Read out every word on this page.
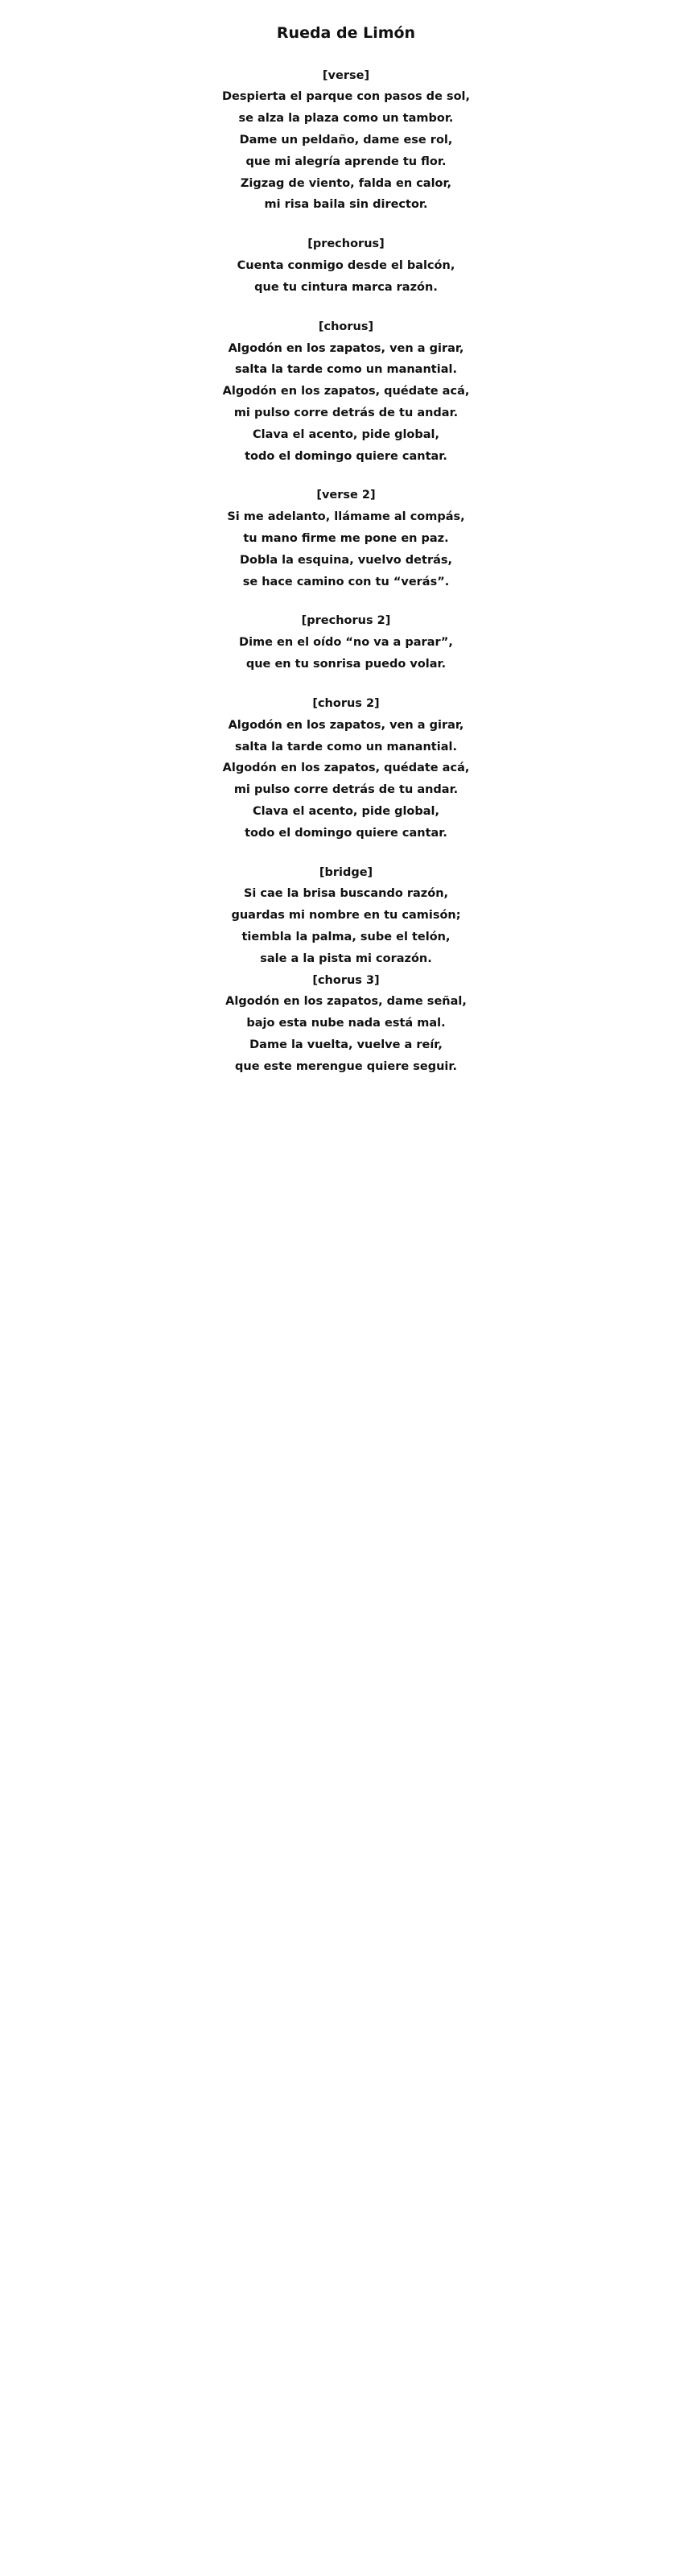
Rueda de Limón
[verse]
Despierta el parque con pasos de sol,
se alza la plaza como un tambor.
Dame un peldaño, dame ese rol,
que mi alegría aprende tu flor.
Zigzag de viento, falda en calor,
mi risa baila sin director.
[prechorus]
Cuenta conmigo desde el balcón,
que tu cintura marca razón.
[chorus]
Algodón en los zapatos, ven a girar,
salta la tarde como un manantial.
Algodón en los zapatos, quédate acá,
mi pulso corre detrás de tu andar.
Clava el acento, pide global,
todo el domingo quiere cantar.
[verse 2]
Si me adelanto, llámame al compás,
tu mano firme me pone en paz.
Dobla la esquina, vuelvo detrás,
se hace camino con tu “verás”.
[prechorus 2]
Dime en el oído “no va a parar”,
que en tu sonrisa puedo volar.
[chorus 2]
Algodón en los zapatos, ven a girar,
salta la tarde como un manantial.
Algodón en los zapatos, quédate acá,
mi pulso corre detrás de tu andar.
Clava el acento, pide global,
todo el domingo quiere cantar.
[bridge]
Si cae la brisa buscando razón,
guardas mi nombre en tu camisón;
tiembla la palma, sube el telón,
sale a la pista mi corazón.
[chorus 3]
Algodón en los zapatos, dame señal,
bajo esta nube nada está mal.
Dame la vuelta, vuelve a reír,
que este merengue quiere seguir.
